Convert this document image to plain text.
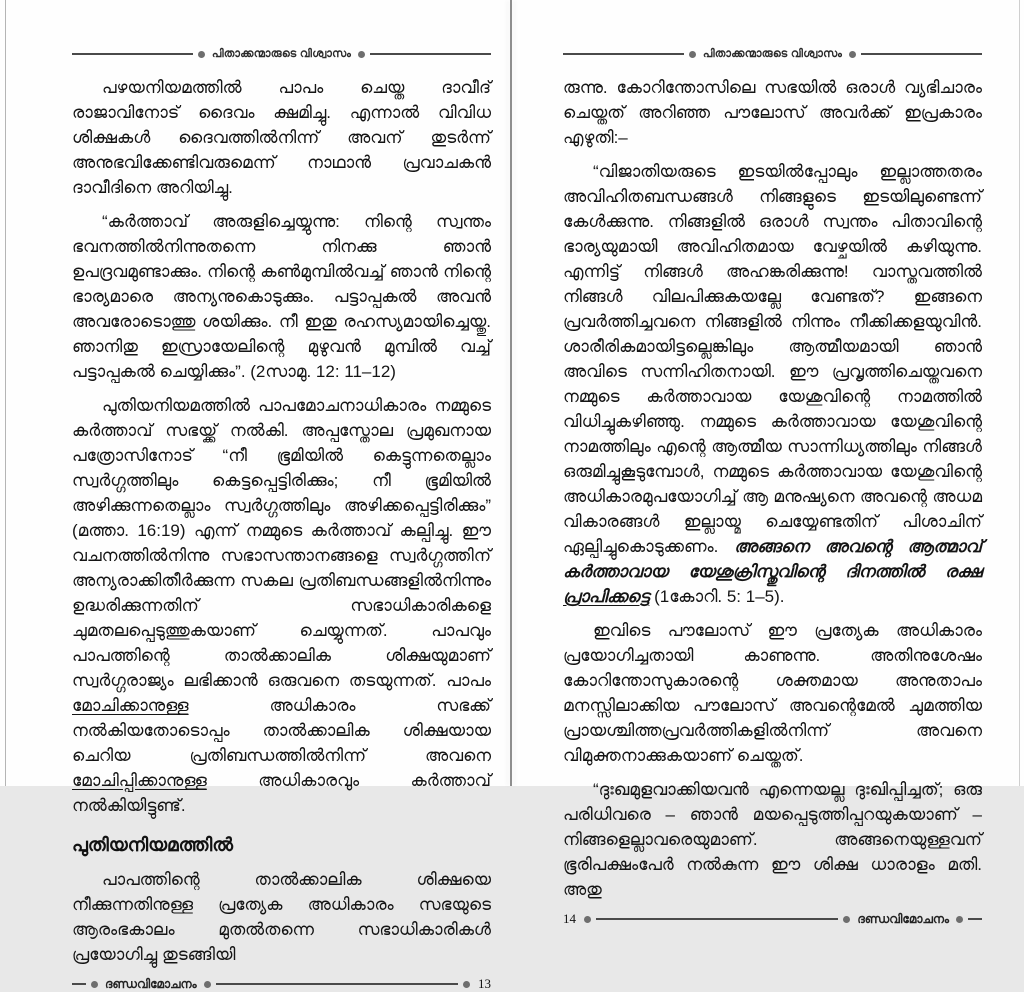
പിതാക്കന്മാരുടെ വിശ്വാസം

പഴയനിയമത്തിൽ പാപം ചെയ്ത ദാവീദ് രാജാവിനോട് ദൈവം ക്ഷമിച്ചു. എന്നാൽ വിവിധ ശിക്ഷകൾ ദൈവത്തിൽനിന്ന് അവന് തുടർന്ന് അനുഭവിക്കേണ്ടിവരുമെന്ന് നാഥാൻ പ്രവാചകൻ ദാവീദിനെ അറിയിച്ചു.

“കർത്താവ് അരുളിച്ചെയ്യുന്നു: നിന്റെ സ്വന്തം ഭവനത്തിൽനിന്നുതന്നെ നിനക്കു ഞാൻ ഉപദ്രവമുണ്ടാക്കും. നിന്റെ കൺമുമ്പിൽവച്ച് ഞാൻ നിന്റെ ഭാര്യമാരെ അന്യനുകൊടുക്കും. പട്ടാപ്പകൽ അവൻ അവരോടൊത്തു ശയിക്കും. നീ ഇതു രഹസ്യമായിച്ചെയ്തു. ഞാനിതു ഇസ്രായേലിന്റെ മുഴുവൻ മുമ്പിൽ വച്ച് പട്ടാപ്പകൽ ചെയ്യിക്കും”. (2സാമു. 12: 11–12)

പുതിയനിയമത്തിൽ പാപമോചനാധികാരം നമ്മുടെ കർത്താവ് സഭയ്ക്ക് നൽകി. അപ്പസ്തോല പ്രമുഖനായ പത്രോസിനോട് “നീ ഭൂമിയിൽ കെട്ടുന്നതെല്ലാം സ്വർഗ്ഗത്തിലും കെട്ടപ്പെട്ടിരിക്കും; നീ ഭൂമിയിൽ അഴിക്കുന്നതെല്ലാം സ്വർഗ്ഗത്തിലും അഴിക്കപ്പെട്ടിരിക്കും” (മത്താ. 16:19) എന്ന് നമ്മുടെ കർത്താവ് കല്പിച്ചു. ഈ വചനത്തിൽനിന്നു സഭാസന്താനങ്ങളെ സ്വർഗ്ഗത്തിന് അന്യരാക്കിതീർക്കുന്ന സകല പ്രതിബന്ധങ്ങളിൽനിന്നും ഉദ്ധരിക്കുന്നതിന് സഭാധികാരികളെ ചുമതലപ്പെടുത്തുകയാണ് ചെയ്യുന്നത്. പാപവും പാപത്തിന്റെ താൽക്കാലിക ശിക്ഷയുമാണ് സ്വർഗ്ഗരാജ്യം ലഭിക്കാൻ ഒരുവനെ തടയുന്നത്. പാപം മോചിക്കാനുള്ള അധികാരം സഭക്ക് നൽകിയതോടൊപ്പം താൽക്കാലിക ശിക്ഷയായ ചെറിയ പ്രതിബന്ധത്തിൽനിന്ന് അവനെ മോചിപ്പിക്കാനുള്ള അധികാരവും കർത്താവ് നൽകിയിട്ടുണ്ട്.

പുതിയനിയമത്തിൽ

പാപത്തിന്റെ താൽക്കാലിക ശിക്ഷയെ നീക്കുന്നതിനുള്ള പ്രത്യേക അധികാരം സഭയുടെ ആരംഭകാലം മുതൽതന്നെ സഭാധികാരികൾ പ്രയോഗിച്ചു തുടങ്ങിയി

ദണ്ഡവിമോചനം	13
പിതാക്കന്മാരുടെ വിശ്വാസം

രുന്നു. കോറിന്തോസിലെ സഭയിൽ ഒരാൾ വ്യഭിചാരം ചെയ്തത് അറിഞ്ഞ പൗലോസ് അവർക്ക് ഇപ്രകാരം എഴുതി:–

“വിജാതിയരുടെ ഇടയിൽപ്പോലും ഇല്ലാത്തതരം അവിഹിതബന്ധങ്ങൾ നിങ്ങളുടെ ഇടയിലുണ്ടെന്ന് കേൾക്കുന്നു. നിങ്ങളിൽ ഒരാൾ സ്വന്തം പിതാവിന്റെ ഭാര്യയുമായി അവിഹിതമായ വേഴ്ചയിൽ കഴിയുന്നു. എന്നിട്ട് നിങ്ങൾ അഹങ്കരിക്കുന്നു! വാസ്തവത്തിൽ നിങ്ങൾ വിലപിക്കുകയല്ലേ വേണ്ടത്? ഇങ്ങനെ പ്രവർത്തിച്ചവനെ നിങ്ങളിൽ നിന്നും നീക്കിക്കളയുവിൻ. ശാരീരികമായിട്ടല്ലെങ്കിലും ആത്മീയമായി ഞാൻ അവിടെ സന്നിഹിതനായി. ഈ പ്രവൃത്തിചെയ്തവനെ നമ്മുടെ കർത്താവായ യേശുവിന്റെ നാമത്തിൽ വിധിച്ചുകഴിഞ്ഞു. നമ്മുടെ കർത്താവായ യേശുവിന്റെ നാമത്തിലും എന്റെ ആത്മീയ സാന്നിധ്യത്തിലും നിങ്ങൾ ഒരുമിച്ചുകൂടുമ്പോൾ, നമ്മുടെ കർത്താവായ യേശുവിന്റെ അധികാരമുപയോഗിച്ച് ആ മനുഷ്യനെ അവന്റെ അധമ വികാരങ്ങൾ ഇല്ലായ്മ ചെയ്യേണ്ടതിന് പിശാചിന് ഏല്പിച്ചുകൊടുക്കണം. അങ്ങനെ അവന്റെ ആത്മാവ് കർത്താവായ യേശുക്രിസ്തുവിന്റെ ദിനത്തിൽ രക്ഷ പ്രാപിക്കട്ടെ (1കോറി. 5: 1–5).

ഇവിടെ പൗലോസ് ഈ പ്രത്യേക അധികാരം പ്രയോഗിച്ചതായി കാണുന്നു. അതിനുശേഷം കോറിന്തോസുകാരന്റെ ശക്തമായ അനുതാപം മനസ്സിലാക്കിയ പൗലോസ് അവന്റെമേൽ ചുമത്തിയ പ്രായശ്ചിത്തപ്രവർത്തികളിൽനിന്ന് അവനെ വിമുക്തനാക്കുകയാണ് ചെയ്തത്.

“ദുഃഖമുളവാക്കിയവൻ എന്നെയല്ല ദുഃഖിപ്പിച്ചത്; ഒരു പരിധിവരെ – ഞാൻ മയപ്പെടുത്തിപ്പറയുകയാണ് – നിങ്ങളെല്ലാവരെയുമാണ്. അങ്ങനെയുള്ളവന് ഭൂരിപക്ഷംപേർ നൽകുന്ന ഈ ശിക്ഷ ധാരാളം മതി. അതു

14	ദണ്ഡവിമോചനം
